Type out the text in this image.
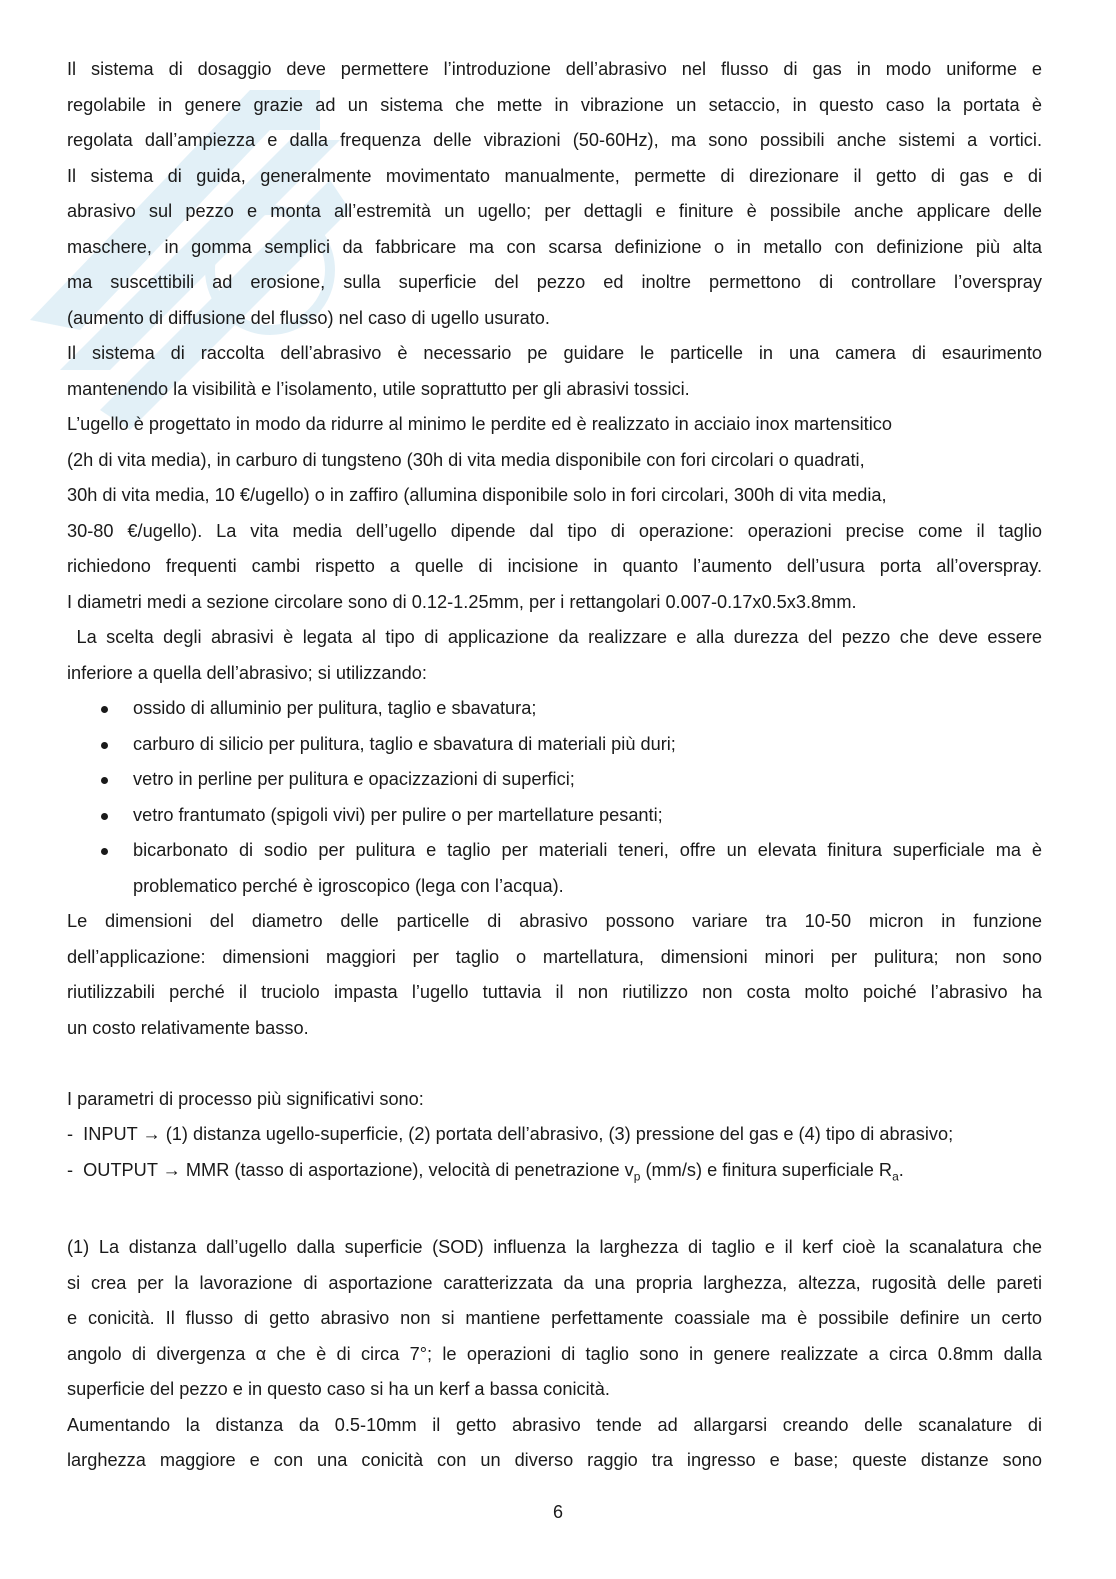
Il sistema di dosaggio deve permettere l’introduzione dell’abrasivo nel flusso di gas in modo uniforme e

regolabile in genere grazie ad un sistema che mette in vibrazione un setaccio, in questo caso la portata è

regolata dall’ampiezza e dalla frequenza delle vibrazioni (50-60Hz), ma sono possibili anche sistemi a vortici.

Il sistema di guida, generalmente movimentato manualmente, permette di direzionare il getto di gas e di

abrasivo sul pezzo e monta all’estremità un ugello; per dettagli e finiture è possibile anche applicare delle

maschere, in gomma semplici da fabbricare ma con scarsa definizione o in metallo con definizione più alta

ma suscettibili ad erosione, sulla superficie del pezzo ed inoltre permettono di controllare l’overspray

(aumento di diffusione del flusso) nel caso di ugello usurato.

Il sistema di raccolta dell’abrasivo è necessario pe guidare le particelle in una camera di esaurimento

mantenendo la visibilità e l’isolamento, utile soprattutto per gli abrasivi tossici.

L’ugello è progettato in modo da ridurre al minimo le perdite ed è realizzato in acciaio inox martensitico

(2h di vita media), in carburo di tungsteno (30h di vita media disponibile con fori circolari o quadrati,

30h di vita media, 10 €/ugello) o in zaffiro (allumina disponibile solo in fori circolari, 300h di vita media,

30-80 €/ugello). La vita media dell’ugello dipende dal tipo di operazione: operazioni precise come il taglio

richiedono frequenti cambi rispetto a quelle di incisione in quanto l’aumento dell’usura porta all’overspray.

I diametri medi a sezione circolare sono di 0.12-1.25mm, per i rettangolari 0.007-0.17x0.5x3.8mm.

La scelta degli abrasivi è legata al tipo di applicazione da realizzare e alla durezza del pezzo che deve essere

inferiore a quella dell’abrasivo; si utilizzando:

ossido di alluminio per pulitura, taglio e sbavatura;
carburo di silicio per pulitura, taglio e sbavatura di materiali più duri;
vetro in perline per pulitura e opacizzazioni di superfici;
vetro frantumato (spigoli vivi) per pulire o per martellature pesanti;
bicarbonato di sodio per pulitura e taglio per materiali teneri, offre un elevata finitura superficiale ma è problematico perché è igroscopico (lega con l’acqua).

Le dimensioni del diametro delle particelle di abrasivo possono variare tra 10-50 micron in funzione

dell’applicazione: dimensioni maggiori per taglio o martellatura, dimensioni minori per pulitura; non sono

riutilizzabili perché il truciolo impasta l’ugello tuttavia il non riutilizzo non costa molto poiché l’abrasivo ha

un costo relativamente basso.

I parametri di processo più significativi sono:

-  INPUT → (1) distanza ugello-superficie, (2) portata dell’abrasivo, (3) pressione del gas e (4) tipo di abrasivo;

-  OUTPUT → MMR (tasso di asportazione), velocità di penetrazione $v_p$ (mm/s) e finitura superficiale $R_a$.

(1) La distanza dall’ugello dalla superficie (SOD) influenza la larghezza di taglio e il kerf cioè la scanalatura che

si crea per la lavorazione di asportazione caratterizzata da una propria larghezza, altezza, rugosità delle pareti

e conicità. Il flusso di getto abrasivo non si mantiene perfettamente coassiale ma è possibile definire un certo

angolo di divergenza α che è di circa 7°; le operazioni di taglio sono in genere realizzate a circa 0.8mm dalla

superficie del pezzo e in questo caso si ha un kerf a bassa conicità.

Aumentando la distanza da 0.5-10mm il getto abrasivo tende ad allargarsi creando delle scanalature di

larghezza maggiore e con una conicità con un diverso raggio tra ingresso e base; queste distanze sono

6
